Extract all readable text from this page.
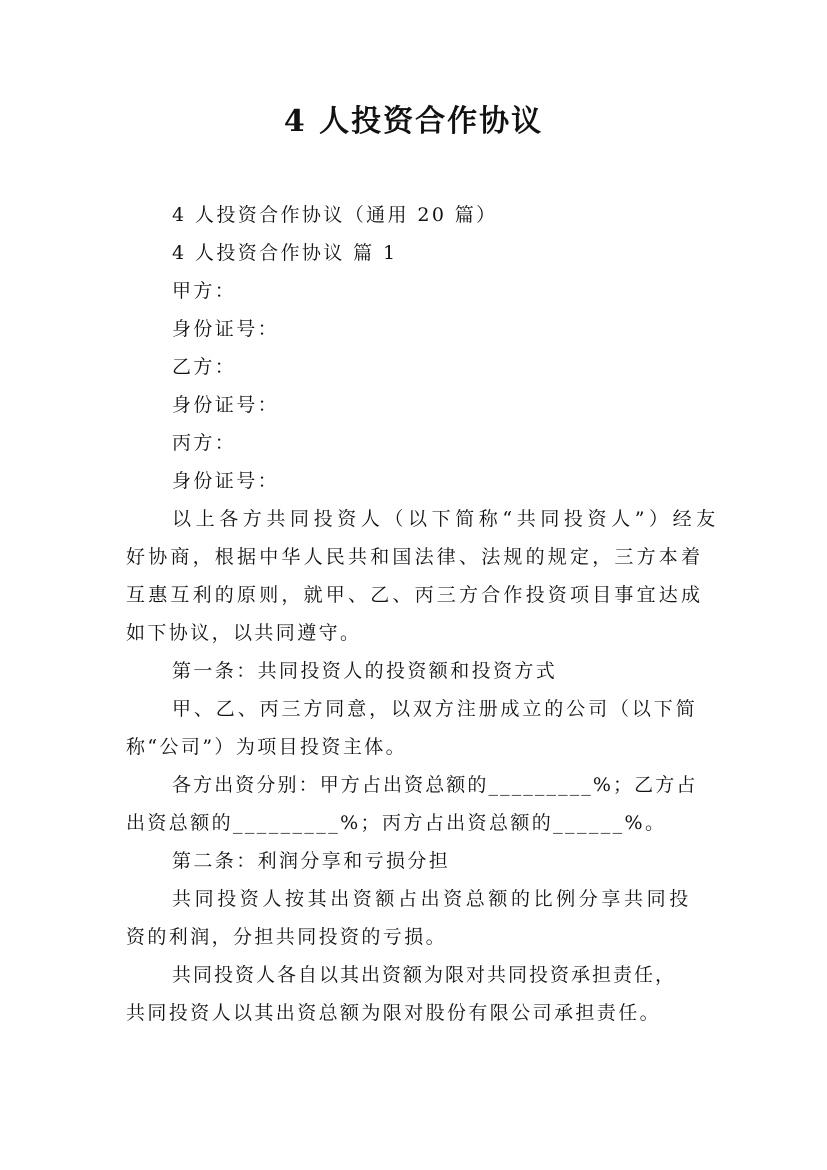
4 人投资合作协议
4 人投资合作协议（通用 20 篇）
4 人投资合作协议 篇 1
甲方：
身份证号：
乙方：
身份证号：
丙方：
身份证号：
以上各方共同投资人（以下简称“共同投资人”）经友
好协商，根据中华人民共和国法律、法规的规定，三方本着
互惠互利的原则，就甲、乙、丙三方合作投资项目事宜达成
如下协议，以共同遵守。
第一条：共同投资人的投资额和投资方式
甲、乙、丙三方同意，以双方注册成立的公司（以下简
称“公司”）为项目投资主体。
各方出资分别：甲方占出资总额的_________%；乙方占
出资总额的_________%；丙方占出资总额的______%。
第二条：利润分享和亏损分担
共同投资人按其出资额占出资总额的比例分享共同投
资的利润，分担共同投资的亏损。
共同投资人各自以其出资额为限对共同投资承担责任，
共同投资人以其出资总额为限对股份有限公司承担责任。
